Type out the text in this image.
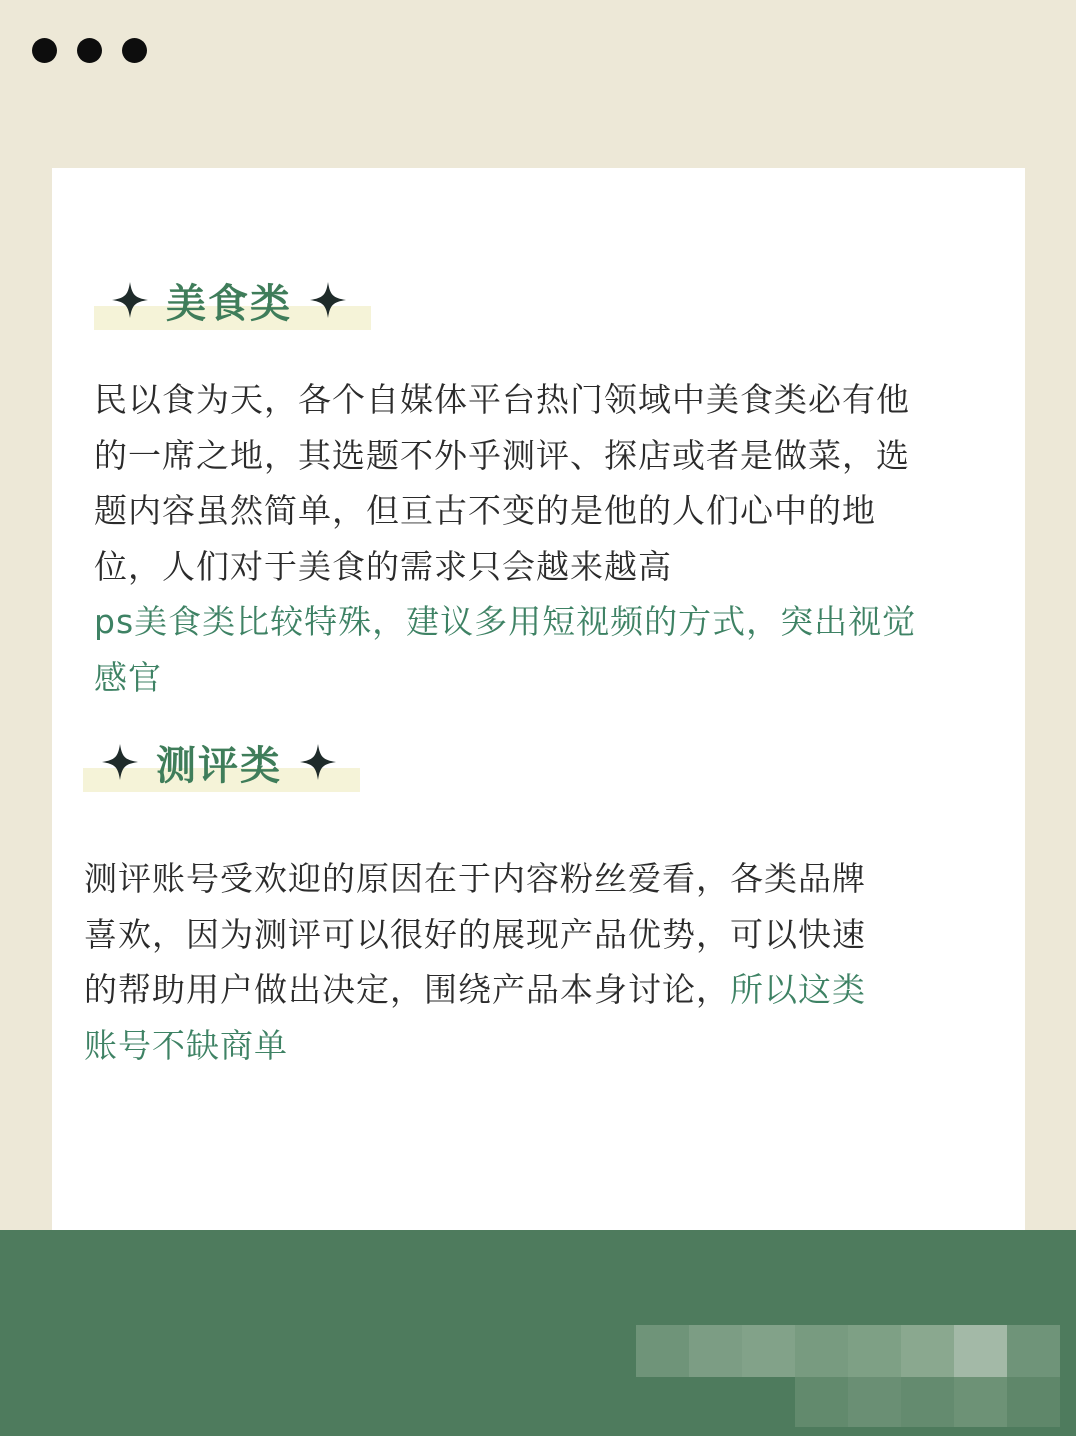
美食类
民以食为天，各个自媒体平台热门领域中美食类必有他
的一席之地，其选题不外乎测评、探店或者是做菜，选
题内容虽然简单，但亘古不变的是他的人们心中的地
位，人们对于美食的需求只会越来越高
ps美食类比较特殊，建议多用短视频的方式，突出视觉
感官
测评类
测评账号受欢迎的原因在于内容粉丝爱看，各类品牌
喜欢，因为测评可以很好的展现产品优势，可以快速
的帮助用户做出决定，围绕产品本身讨论，所以这类
账号不缺商单
